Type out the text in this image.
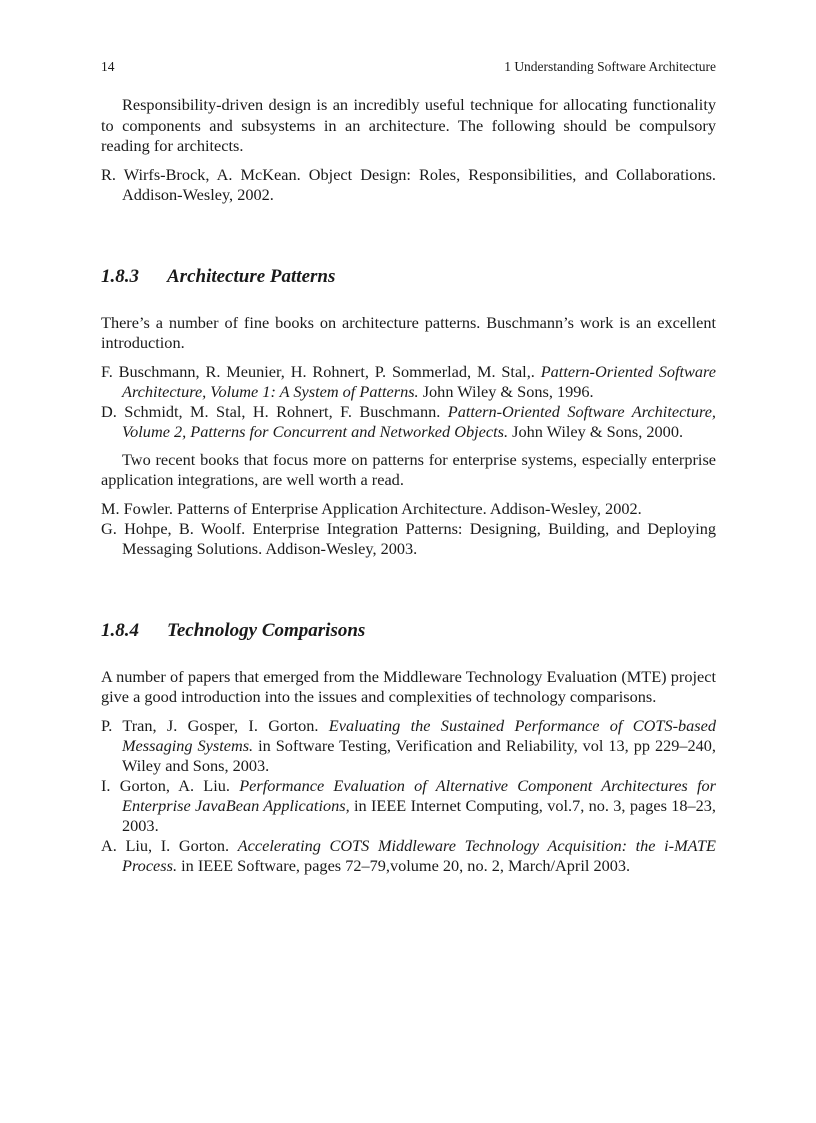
14	1 Understanding Software Architecture

Responsibility-driven design is an incredibly useful technique for allocating functionality to components and subsystems in an architecture. The following should be compulsory reading for architects.

R. Wirfs-Brock, A. McKean. Object Design: Roles, Responsibilities, and Collaborations. Addison-Wesley, 2002.

1.8.3 Architecture Patterns

There’s a number of fine books on architecture patterns. Buschmann’s work is an excellent introduction.

F. Buschmann, R. Meunier, H. Rohnert, P. Sommerlad, M. Stal,. Pattern-Oriented Software Architecture, Volume 1: A System of Patterns. John Wiley & Sons, 1996.

D. Schmidt, M. Stal, H. Rohnert, F. Buschmann. Pattern-Oriented Software Architecture, Volume 2, Patterns for Concurrent and Networked Objects. John Wiley & Sons, 2000.

Two recent books that focus more on patterns for enterprise systems, especially enterprise application integrations, are well worth a read.

M. Fowler. Patterns of Enterprise Application Architecture. Addison-Wesley, 2002.

G. Hohpe, B. Woolf. Enterprise Integration Patterns: Designing, Building, and Deploying Messaging Solutions. Addison-Wesley, 2003.

1.8.4 Technology Comparisons

A number of papers that emerged from the Middleware Technology Evaluation (MTE) project give a good introduction into the issues and complexities of technology comparisons.

P. Tran, J. Gosper, I. Gorton. Evaluating the Sustained Performance of COTS-based Messaging Systems. in Software Testing, Verification and Reliability, vol 13, pp 229–240, Wiley and Sons, 2003.

I. Gorton, A. Liu. Performance Evaluation of Alternative Component Architectures for Enterprise JavaBean Applications, in IEEE Internet Computing, vol.7, no. 3, pages 18–23, 2003.

A. Liu, I. Gorton. Accelerating COTS Middleware Technology Acquisition: the i-MATE Process. in IEEE Software, pages 72–79,volume 20, no. 2, March/April 2003.
